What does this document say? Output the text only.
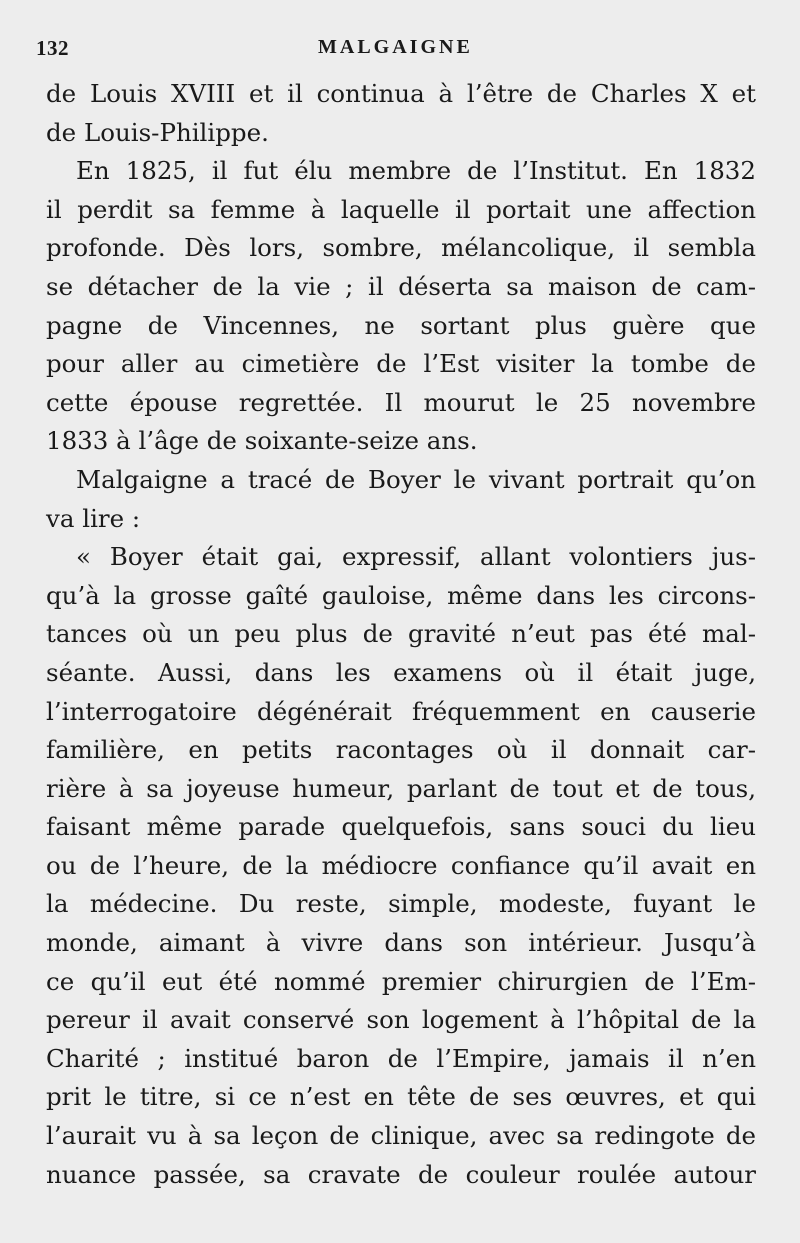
132	MALGAIGNE
de Louis XVIII et il continua à l’être de Charles X et
de Louis-Philippe.
En 1825, il fut élu membre de l’Institut. En 1832
il perdit sa femme à laquelle il portait une affection
profonde. Dès lors, sombre, mélancolique, il sembla
se détacher de la vie ; il déserta sa maison de cam-
pagne de Vincennes, ne sortant plus guère que
pour aller au cimetière de l’Est visiter la tombe de
cette épouse regrettée. Il mourut le 25 novembre
1833 à l’âge de soixante-seize ans.
Malgaigne a tracé de Boyer le vivant portrait qu’on
va lire :
« Boyer était gai, expressif, allant volontiers jus-
qu’à la grosse gaîté gauloise, même dans les circons-
tances où un peu plus de gravité n’eut pas été mal-
séante. Aussi, dans les examens où il était juge,
l’interrogatoire dégénérait fréquemment en causerie
familière, en petits racontages où il donnait car-
rière à sa joyeuse humeur, parlant de tout et de tous,
faisant même parade quelquefois, sans souci du lieu
ou de l’heure, de la médiocre confiance qu’il avait en
la médecine. Du reste, simple, modeste, fuyant le
monde, aimant à vivre dans son intérieur. Jusqu’à
ce qu’il eut été nommé premier chirurgien de l’Em-
pereur il avait conservé son logement à l’hôpital de la
Charité ; institué baron de l’Empire, jamais il n’en
prit le titre, si ce n’est en tête de ses œuvres, et qui
l’aurait vu à sa leçon de clinique, avec sa redingote de
nuance passée, sa cravate de couleur roulée autour
